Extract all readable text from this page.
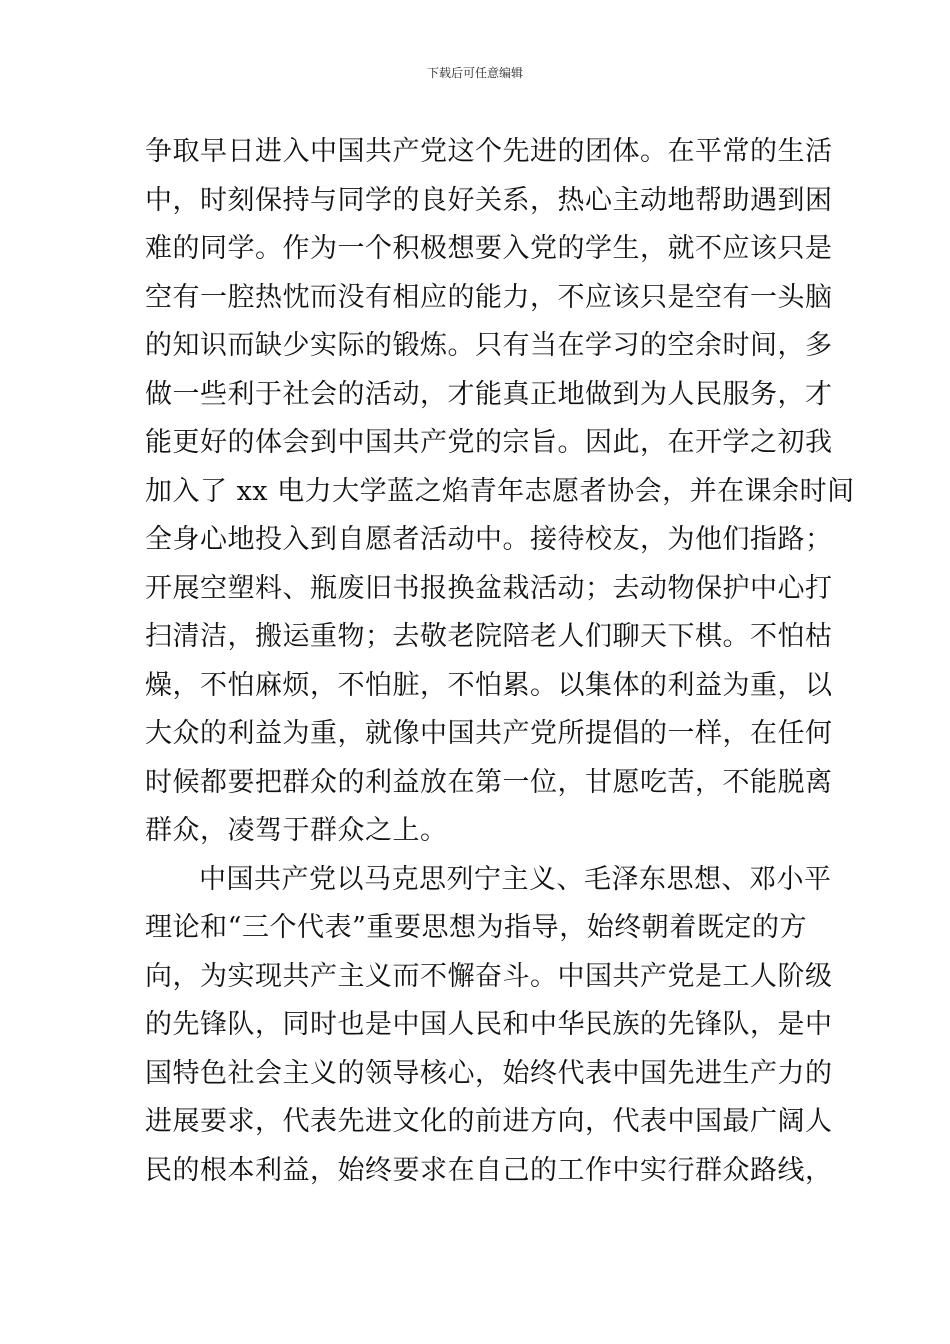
下载后可任意编辑
争取早日进入中国共产党这个先进的团体。在平常的生活
中，时刻保持与同学的良好关系，热心主动地帮助遇到困
难的同学。作为一个积极想要入党的学生，就不应该只是
空有一腔热忱而没有相应的能力，不应该只是空有一头脑
的知识而缺少实际的锻炼。只有当在学习的空余时间，多
做一些利于社会的活动，才能真正地做到为人民服务，才
能更好的体会到中国共产党的宗旨。因此，在开学之初我
加入了 xx 电力大学蓝之焰青年志愿者协会，并在课余时间
全身心地投入到自愿者活动中。接待校友，为他们指路；
开展空塑料、瓶废旧书报换盆栽活动；去动物保护中心打
扫清洁，搬运重物；去敬老院陪老人们聊天下棋。不怕枯
燥，不怕麻烦，不怕脏，不怕累。以集体的利益为重，以
大众的利益为重，就像中国共产党所提倡的一样，在任何
时候都要把群众的利益放在第一位，甘愿吃苦，不能脱离
群众，凌驾于群众之上。
中国共产党以马克思列宁主义、毛泽东思想、邓小平
理论和“三个代表”重要思想为指导，始终朝着既定的方
向，为实现共产主义而不懈奋斗。中国共产党是工人阶级
的先锋队，同时也是中国人民和中华民族的先锋队，是中
国特色社会主义的领导核心，始终代表中国先进生产力的
进展要求，代表先进文化的前进方向，代表中国最广阔人
民的根本利益，始终要求在自己的工作中实行群众路线，
